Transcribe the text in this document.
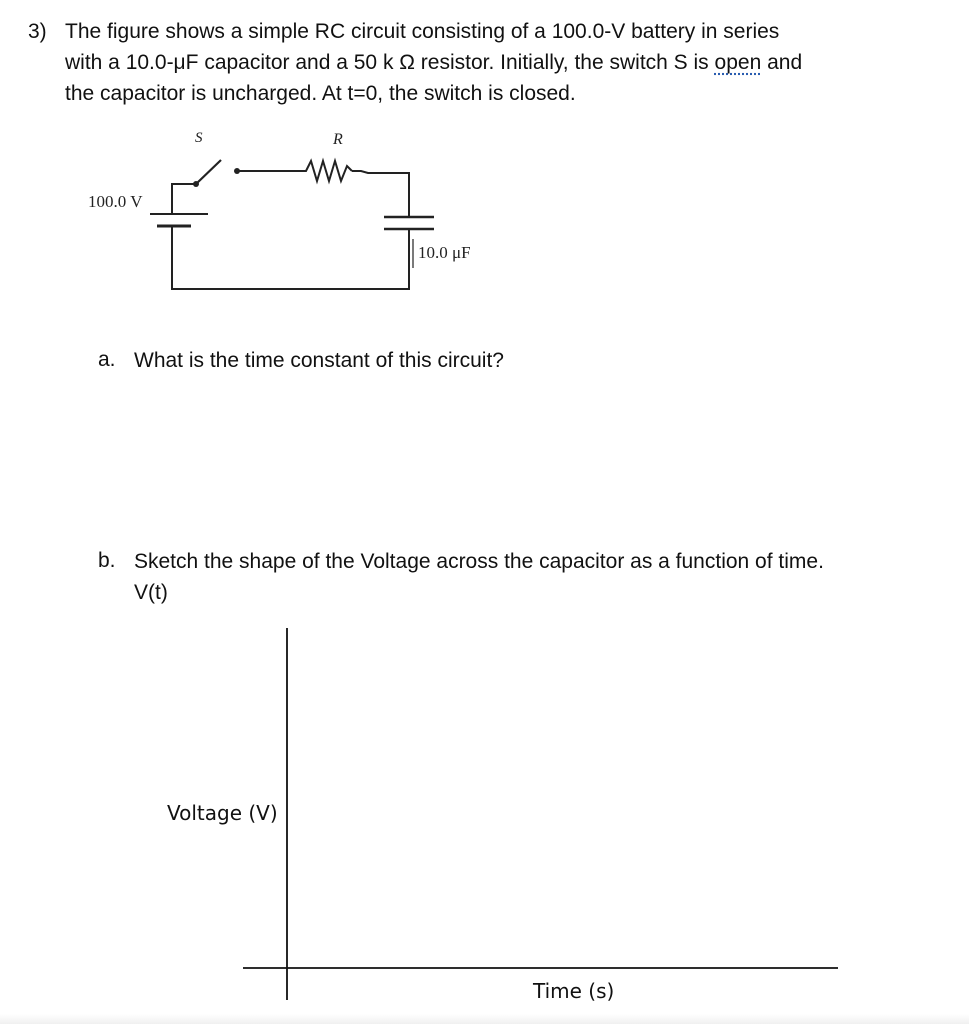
3) The figure shows a simple RC circuit consisting of a 100.0-V battery in series
with a 10.0-μF capacitor and a 50 k Ω resistor. Initially, the switch S is open and
the capacitor is uncharged. At t=0, the switch is closed.
S	R
100.0 V
10.0 μF
a. What is the time constant of this circuit?
b. Sketch the shape of the Voltage across the capacitor as a function of time.
V(t)
Voltage (V)
Time (s)
